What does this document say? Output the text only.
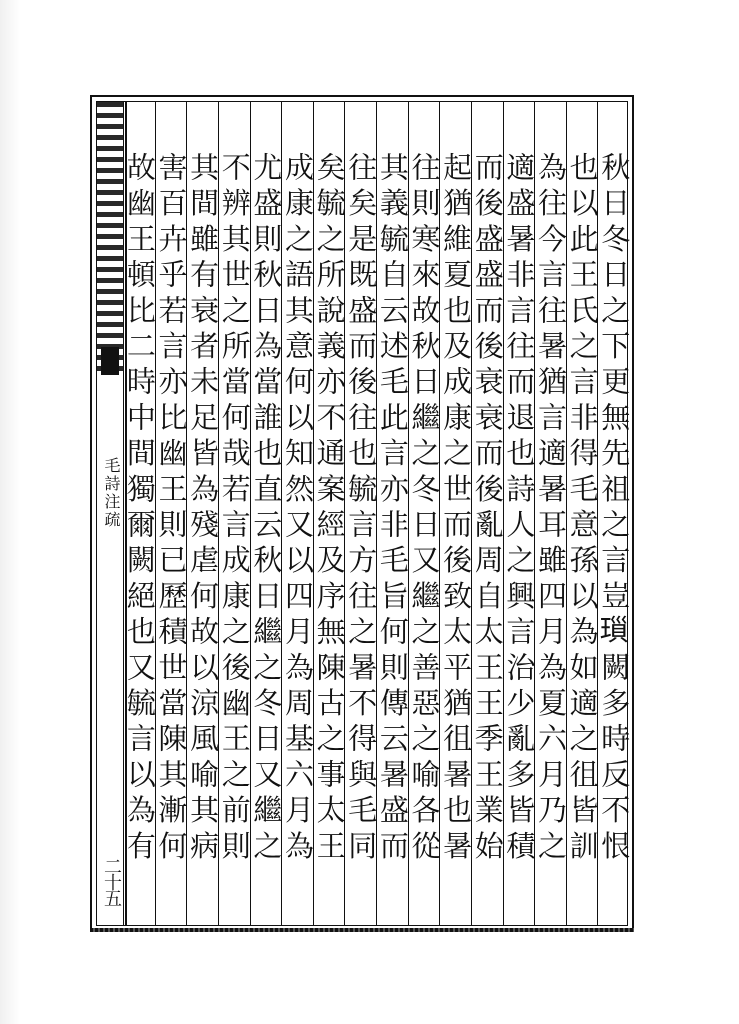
毛詩注疏
二十五
秋日冬日之下更無先祖之言豈𤨏闕多時反不恨
也以此王氏之言非得毛意孫以為如適之徂皆訓
為往今言往暑猶言適暑耳雖四月為夏六月乃之
適盛暑非言往而退也詩人之興言治少亂多皆積
而後盛盛而後衰衰而後亂周自太王王季王業始
起猶維夏也及成康之世而後致太平猶徂暑也暑
往則寒來故秋日繼之冬日又繼之善惡之喻各從
其義毓自云述毛此言亦非毛旨何則傳云暑盛而
往矣是既盛而後往也毓言方往之暑不得與毛同
矣毓之所說義亦不通案經及序無陳古之事太王
成康之語其意何以知然又以四月為周基六月為
尤盛則秋日為當誰也直云秋日繼之冬日又繼之
不辨其世之所當何哉若言成康之後幽王之前則
其間雖有衰者未足皆為殘虐何故以涼風喻其病
害百卉乎若言亦比幽王則已歷積世當陳其漸何
故幽王頓比二時中間獨爾闕絕也又毓言以為有
